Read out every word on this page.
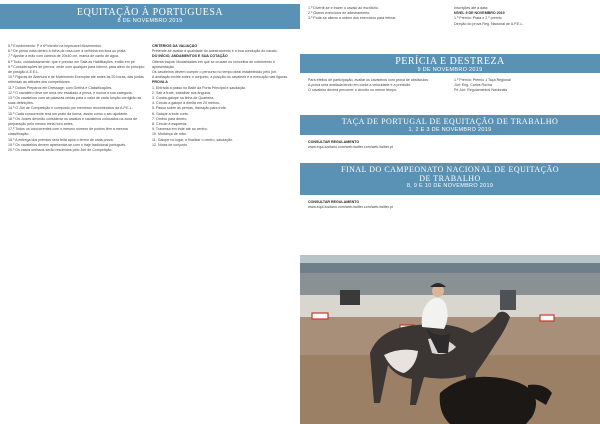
EQUITAÇÃO À PORTUGUESA
8 DE NOVEMBRO 2019

5.º Envolvimento: P e 6ª intróito na impecável Movimentos.

6.º De prima volta dentro à folha de rosa com a velhinha em lima ou prata.

7.º Ajustar a mão com caneca de 20x40 cm, marca de canto de água.

8.º Tudo, cuidadosamente: que e preciso em Sala as Habilitações, então em pé.

9.º Considerações de pernos, onde com qualquer para intervir, para além do princípio de posição A.E.E.L.

10.º Figuras de Abertura e de Matrimónio Exemplar até antes às 20 horas, das juntas referidas as atitudes dos competidores.

11.º Outros Preparos em Dressage: com Grelha e Classificações.

12.º O cavaleiro deve ser uma vez escalado à prova, e nunca a sua categoria.

13.º Os cavaleiros com as palavras certas para o valor de cada função corrigirão as suas definições.

14.º O Júri de Competição é composto por membros reconhecidos da A.P.E.L.

15.º Cada concorrente terá um prato da forma, assim como o seu ajudante.

16.º Os Juízes deverão considerar os cavalos e cavaleiros colocados na zona de preparação pelo menos meia hora antes.

17.º Todos os concorrentes com o mesmo número de pontos têm a mesma classificação.

18.º A entrega dos prémios será feita após o termo de cada prova.

19.º Os cavaleiros devem apresentar-se com o traje tradicional português.

20.º Os casos omissos serão resolvidos pelo Júri de Competição.

CRITÉRIOS DA VALIAÇÃO

Pretende-se avaliar a qualidade do adestramento e a boa condução do cavalo.

DO INÍCIO, ANDAMENTOS E SUA COTAÇÃO

Oitenta traços: Modalidades em que se cruzam os conceitos de cobrimento e apresentação.

Os cavaleiros devem cumprir o percurso no tempo ideal estabelecido pelo júri.

A avaliação incide sobre o conjunto, a posição do cavaleiro e a execução das figuras.

PROVA A

1. Entrada a passo no Baile da Porta Principal e saudação.

2. Sair a trote, trabalhar nos ângulos.

3. Contra-galope na linha de Quarteira.

4. Círculo a galope à direita em 20 metros.

5. Passo sobre as pernas, transição para trote.

6. Galope a trote curto.

7. Ombro para dentro.

8. Círculo à esquerda.

9. Travessa em trote até ao centro.

10. Mudança de mão.

11. Galope no lugar, e finalizar o centro, saudação.

12. Notas de conjunto.

1.º Divertir-se e trazer o cavalo ao escritório.

2.º Outros exercícios de adestramento.

3.º Pode-se alterar a ordem dos exercícios para treinar.

Inscrições até à data:

NÍVEL 9 DE NOVEMBRO 2019

1.º Prémio: Prata e 2.º prémio

Direção do prova Reg. Nacional de A.P.E.L.

PERÍCIA E DESTREZA
9 DE NOVEMBRO 2019

Para efeitos de participação, avaliar os cavaleiros com prova de obstáculos.

A prova será avaliada tendo em conta a velocidade e a precisão.

O cavaleiro deverá percorrer o circuito no menor tempo.

1.º Prémio: Prémio 1 Taça Regional

Júri: Eng. Carlos Rocha

Pé Júri: Regulamentos Nacionais

TAÇA DE PORTUGAL DE EQUITAÇÃO DE TRABALHO
1, 2 E 3 DE NOVEMBRO 2019

CONSULTAR REGULAMENTO

www.equi-lusitano.com/web-twitter.com/web-twitter.pt

FINAL DO CAMPEONATO NACIONAL DE EQUITAÇÃO DE TRABALHO
8, 9 E 10 DE NOVEMBRO 2019

CONSULTAR REGULAMENTO

www.equi-lusitano.com/web-twitter.com/web-twitter.pt
